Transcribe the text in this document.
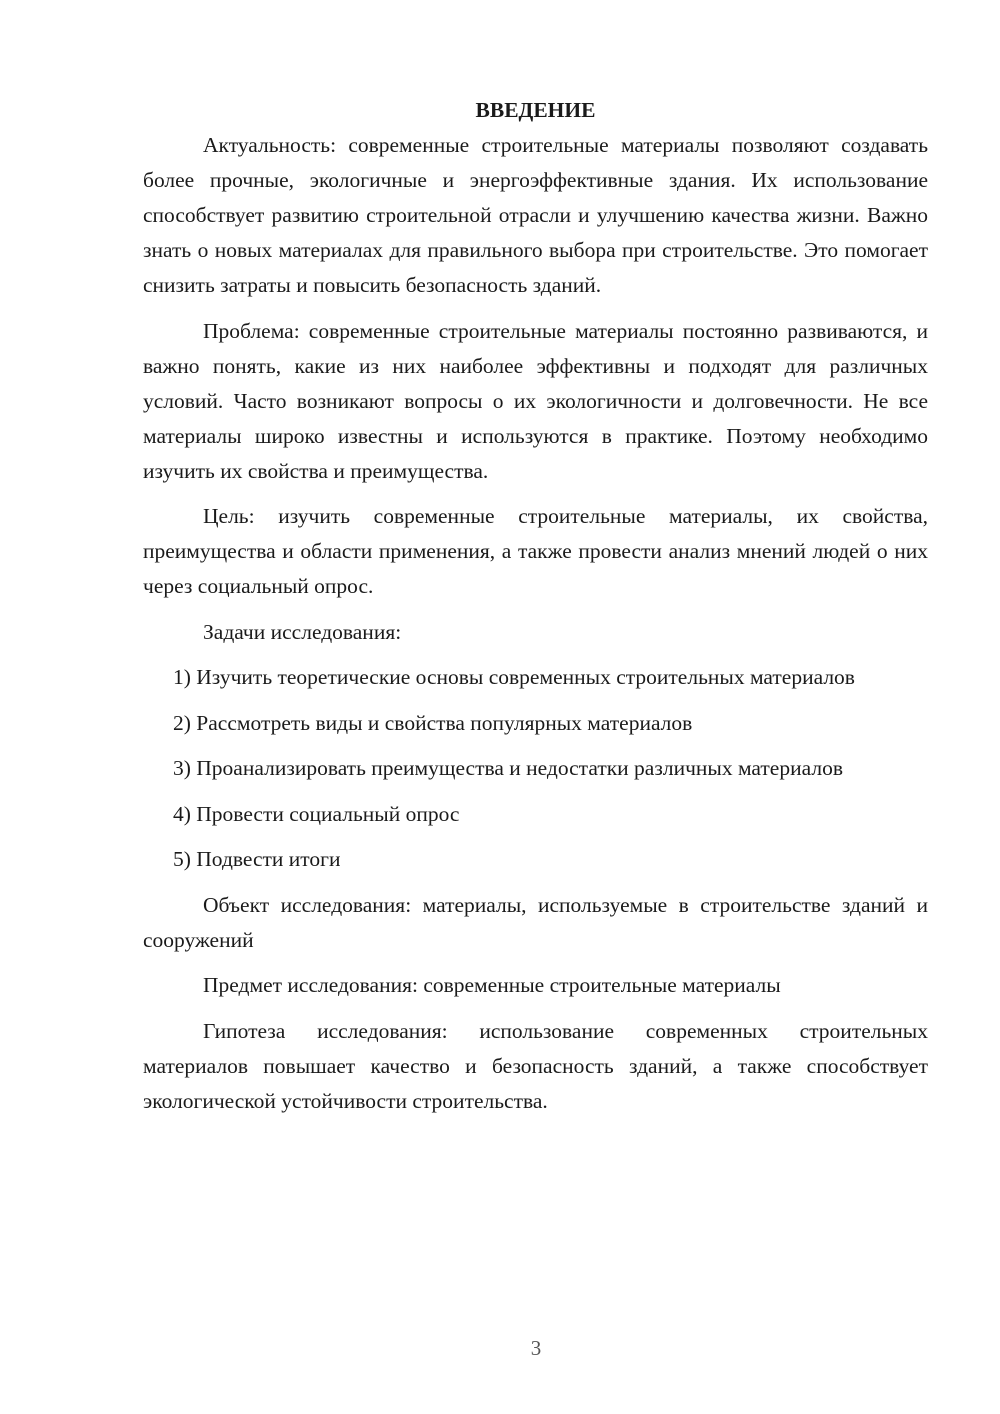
ВВЕДЕНИЕ

Актуальность: современные строительные материалы позволяют создавать более прочные, экологичные и энергоэффективные здания. Их использование способствует развитию строительной отрасли и улучшению качества жизни. Важно знать о новых материалах для правильного выбора при строительстве. Это помогает снизить затраты и повысить безопасность зданий.

Проблема: современные строительные материалы постоянно развиваются, и важно понять, какие из них наиболее эффективны и подходят для различных условий. Часто возникают вопросы о их экологичности и долговечности. Не все материалы широко известны и используются в практике. Поэтому необходимо изучить их свойства и преимущества.

Цель: изучить современные строительные материалы, их свойства, преимущества и области применения, а также провести анализ мнений людей о них через социальный опрос.

Задачи исследования:

1) Изучить теоретические основы современных строительных материалов

2) Рассмотреть виды и свойства популярных материалов

3) Проанализировать преимущества и недостатки различных материалов

4) Провести социальный опрос

5) Подвести итоги

Объект исследования: материалы, используемые в строительстве зданий и сооружений

Предмет исследования: современные строительные материалы

Гипотеза исследования: использование современных строительных материалов повышает качество и безопасность зданий, а также способствует экологической устойчивости строительства.

3
